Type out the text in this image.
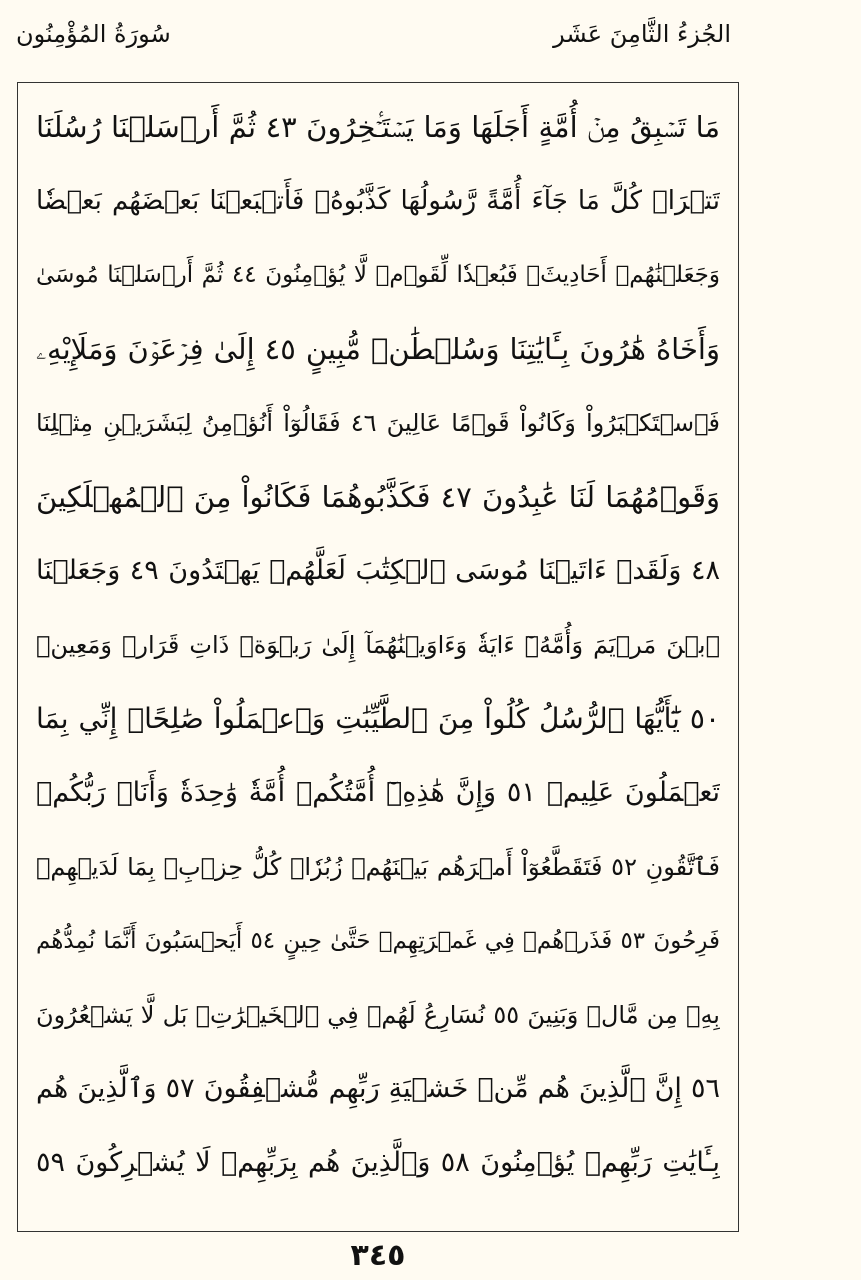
الجُزءُ الثَّامِنَ عَشَر
سُورَةُ المُؤْمِنُون
مَا تَسۡبِقُ مِنۡ أُمَّةٍ أَجَلَهَا وَمَا يَسۡتَـٔۡخِرُونَ ٤٣ ثُمَّ أَرۡسَلۡنَا رُسُلَنَا
تَتۡرَاۖ كُلَّ مَا جَآءَ أُمَّةً رَّسُولُهَا كَذَّبُوهُۖ فَأَتۡبَعۡنَا بَعۡضَهُم بَعۡضٗا
وَجَعَلۡنَٰهُمۡ أَحَادِيثَۚ فَبُعۡدٗا لِّقَوۡمٖ لَّا يُؤۡمِنُونَ ٤٤ ثُمَّ أَرۡسَلۡنَا مُوسَىٰ
وَأَخَاهُ هَٰرُونَ بِـَٔايَٰتِنَا وَسُلۡطَٰنٖ مُّبِينٍ ٤٥ إِلَىٰ فِرۡعَوۡنَ وَمَلَإِيْهِۦ
فَٱسۡتَكۡبَرُواْ وَكَانُواْ قَوۡمًا عَالِينَ ٤٦ فَقَالُوٓاْ أَنُؤۡمِنُ لِبَشَرَيۡنِ مِثۡلِنَا
وَقَوۡمُهُمَا لَنَا عَٰبِدُونَ ٤٧ فَكَذَّبُوهُمَا فَكَانُواْ مِنَ ٱلۡمُهۡلَكِينَ
٤٨ وَلَقَدۡ ءَاتَيۡنَا مُوسَى ٱلۡكِتَٰبَ لَعَلَّهُمۡ يَهۡتَدُونَ ٤٩ وَجَعَلۡنَا
ٱبۡنَ مَرۡيَمَ وَأُمَّهُۥٓ ءَايَةٗ وَءَاوَيۡنَٰهُمَآ إِلَىٰ رَبۡوَةٖ ذَاتِ قَرَارٖ وَمَعِينٖ
٥٠ يَٰٓأَيُّهَا ٱلرُّسُلُ كُلُواْ مِنَ ٱلطَّيِّبَٰتِ وَٱعۡمَلُواْ صَٰلِحًاۖ إِنِّي بِمَا
تَعۡمَلُونَ عَلِيمٞ ٥١ وَإِنَّ هَٰذِهِۦٓ أُمَّتُكُمۡ أُمَّةٗ وَٰحِدَةٗ وَأَنَا۠ رَبُّكُمۡ
فَٱتَّقُونِ ٥٢ فَتَقَطَّعُوٓاْ أَمۡرَهُم بَيۡنَهُمۡ زُبُرٗاۖ كُلُّ حِزۡبِۭ بِمَا لَدَيۡهِمۡ
فَرِحُونَ ٥٣ فَذَرۡهُمۡ فِي غَمۡرَتِهِمۡ حَتَّىٰ حِينٍ ٥٤ أَيَحۡسَبُونَ أَنَّمَا نُمِدُّهُم
بِهِۦ مِن مَّالٖ وَبَنِينَ ٥٥ نُسَارِعُ لَهُمۡ فِي ٱلۡخَيۡرَٰتِۚ بَل لَّا يَشۡعُرُونَ
٥٦ إِنَّ ٱلَّذِينَ هُم مِّنۡ خَشۡيَةِ رَبِّهِم مُّشۡفِقُونَ ٥٧ وَٱلَّذِينَ هُم
بِـَٔايَٰتِ رَبِّهِمۡ يُؤۡمِنُونَ ٥٨ وَٱلَّذِينَ هُم بِرَبِّهِمۡ لَا يُشۡرِكُونَ ٥٩
٣٤٥
